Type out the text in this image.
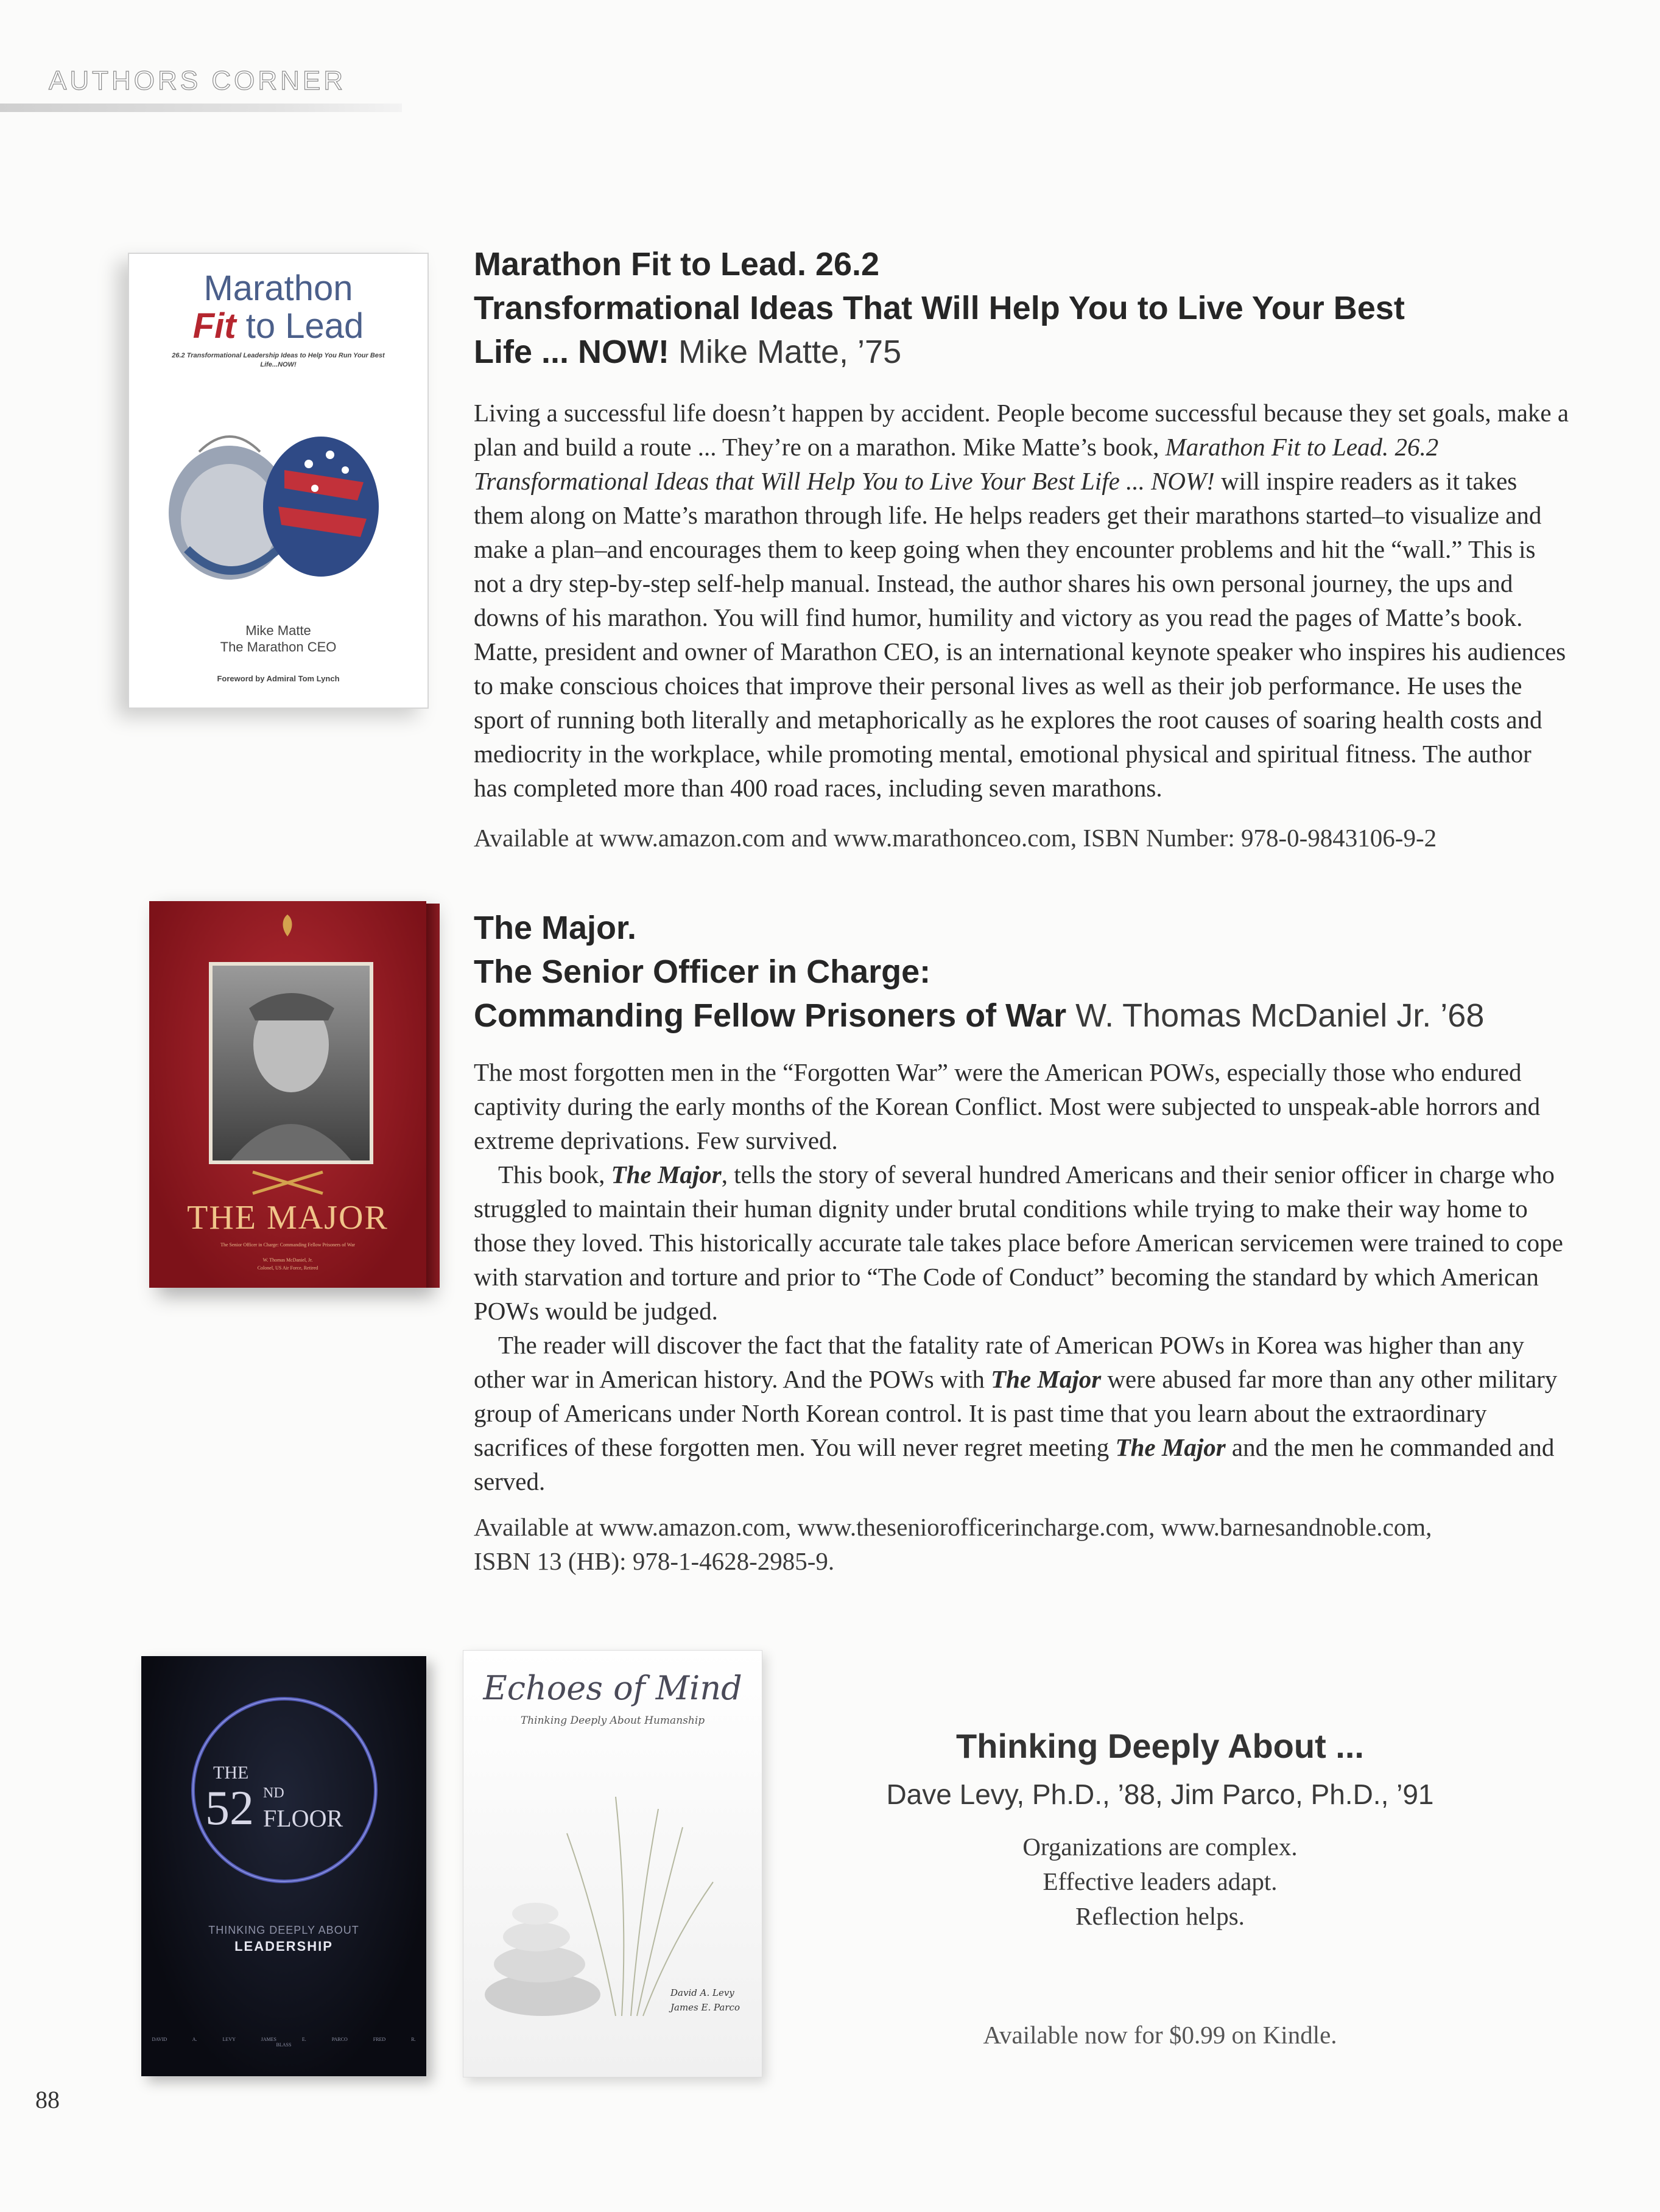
AUTHORS CORNER
Marathon
Fit to Lead
26.2 Transformational Leadership Ideas to Help You Run Your Best Life...NOW!
Mike Matte
The Marathon CEO
Foreword by Admiral Tom Lynch
Marathon Fit to Lead. 26.2
Transformational Ideas That Will Help You to Live Your Best
Life ... NOW! Mike Matte, ’75

Living a successful life doesn’t happen by accident. People become successful because they set goals, make a plan and build a route ... They’re on a marathon. Mike Matte’s book, Marathon Fit to Lead. 26.2 Transformational Ideas that Will Help You to Live Your Best Life ... NOW! will inspire readers as it takes them along on Matte’s marathon through life. He helps readers get their marathons started–to visualize and make a plan–and encourages them to keep going when they encounter problems and hit the “wall.” This is not a dry step-by-step self-help manual. Instead, the author shares his own personal journey, the ups and downs of his marathon. You will find humor, humility and victory as you read the pages of Matte’s book. Matte, president and owner of Marathon CEO, is an international keynote speaker who inspires his audiences to make conscious choices that improve their personal lives as well as their job performance. He uses the sport of running both literally and metaphorically as he explores the root causes of soaring health costs and mediocrity in the workplace, while promoting mental, emotional physical and spiritual fitness. The author has completed more than 400 road races, including seven marathons.

Available at www.amazon.com and www.marathonceo.com, ISBN Number: 978-0-9843106-9-2
THE MAJOR
The Senior Officer in Charge: Commanding Fellow Prisoners of War
W. Thomas McDaniel, Jr.
Colonel, US Air Force, Retired
The Major.
The Senior Officer in Charge:
Commanding Fellow Prisoners of War W. Thomas McDaniel Jr. ’68

The most forgotten men in the “Forgotten War” were the American POWs, especially those who endured captivity during the early months of the Korean Conflict. Most were subjected to unspeak-able horrors and extreme deprivations. Few survived.

This book, The Major, tells the story of several hundred Americans and their senior officer in charge who struggled to maintain their human dignity under brutal conditions while trying to make their way home to those they loved. This historically accurate tale takes place before American servicemen were trained to cope with starvation and torture and prior to “The Code of Conduct” becoming the standard by which American POWs would be judged.

The reader will discover the fact that the fatality rate of American POWs in Korea was higher than any other war in American history. And the POWs with The Major were abused far more than any other military group of Americans under North Korean control. It is past time that you learn about the extraordinary sacrifices of these forgotten men. You will never regret meeting The Major and the men he commanded and served.

Available at www.amazon.com, www.theseniorofficerincharge.com, www.barnesandnoble.com,
ISBN 13 (HB): 978-1-4628-2985-9.
THE
52 ND
FLOOR
THINKING DEEPLY ABOUT
LEADERSHIP
DAVID A. LEVY JAMES E. PARCO FRED R. BLASS
Echoes of Mind
Thinking Deeply About Humanship
David A. Levy
James E. Parco
Thinking Deeply About ...
Dave Levy, Ph.D., ’88, Jim Parco, Ph.D., ’91
Organizations are complex.
Effective leaders adapt.
Reflection helps.
Available now for $0.99 on Kindle.
88
